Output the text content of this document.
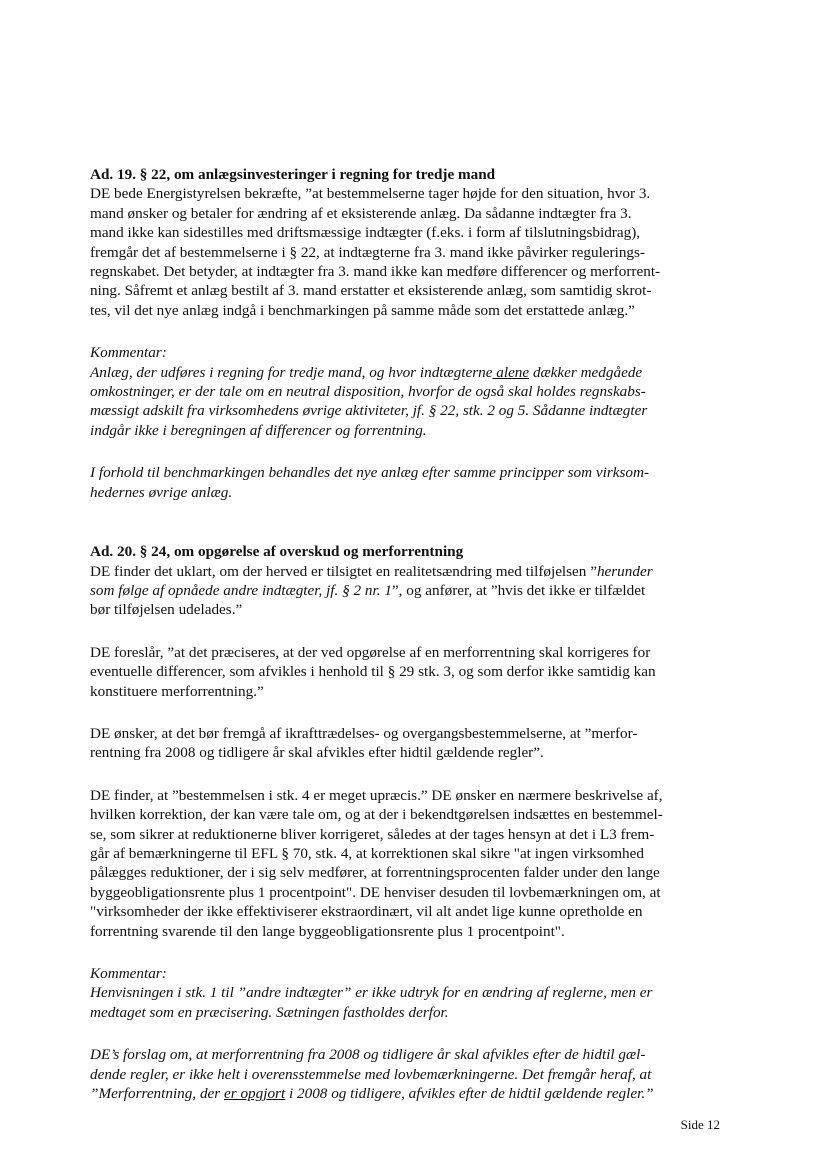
Ad. 19. § 22, om anlægsinvesteringer i regning for tredje mand

DE bede Energistyrelsen bekræfte, ”at bestemmelserne tager højde for den situation, hvor 3.
mand ønsker og betaler for ændring af et eksisterende anlæg. Da sådanne indtægter fra 3.
mand ikke kan sidestilles med driftsmæssige indtægter (f.eks. i form af tilslutningsbidrag),
fremgår det af bestemmelserne i § 22, at indtægterne fra 3. mand ikke påvirker regulerings-
regnskabet. Det betyder, at indtægter fra 3. mand ikke kan medføre differencer og merforrent-
ning. Såfremt et anlæg bestilt af 3. mand erstatter et eksisterende anlæg, som samtidig skrot-
tes, vil det nye anlæg indgå i benchmarkingen på samme måde som det erstattede anlæg.”
Kommentar:
Anlæg, der udføres i regning for tredje mand, og hvor indtægterne alene dækker medgåede
omkostninger, er der tale om en neutral disposition, hvorfor de også skal holdes regnskabs-
mæssigt adskilt fra virksomhedens øvrige aktiviteter, jf. § 22, stk. 2 og 5. Sådanne indtægter
indgår ikke i beregningen af differencer og forrentning.
I forhold til benchmarkingen behandles det nye anlæg efter samme principper som virksom-
hedernes øvrige anlæg.

Ad. 20. § 24, om opgørelse af overskud og merforrentning

DE finder det uklart, om der herved er tilsigtet en realitetsændring med tilføjelsen ”herunder
som følge af opnåede andre indtægter, jf. § 2 nr. 1”, og anfører, at ”hvis det ikke er tilfældet
bør tilføjelsen udelades.”
DE foreslår, ”at det præciseres, at der ved opgørelse af en merforrentning skal korrigeres for
eventuelle differencer, som afvikles i henhold til § 29 stk. 3, og som derfor ikke samtidig kan
konstituere merforrentning.”
DE ønsker, at det bør fremgå af ikrafttrædelses- og overgangsbestemmelserne, at ”merfor-
rentning fra 2008 og tidligere år skal afvikles efter hidtil gældende regler”.
DE finder, at ”bestemmelsen i stk. 4 er meget upræcis.” DE ønsker en nærmere beskrivelse af,
hvilken korrektion, der kan være tale om, og at der i bekendtgørelsen indsættes en bestemmel-
se, som sikrer at reduktionerne bliver korrigeret, således at der tages hensyn at det i L3 frem-
går af bemærkningerne til EFL § 70, stk. 4, at korrektionen skal sikre "at ingen virksomhed
pålægges reduktioner, der i sig selv medfører, at forrentningsprocenten falder under den lange
byggeobligationsrente plus 1 procentpoint". DE henviser desuden til lovbemærkningen om, at
"virksomheder der ikke effektiviserer ekstraordinært, vil alt andet lige kunne opretholde en
forrentning svarende til den lange byggeobligationsrente plus 1 procentpoint".
Kommentar:
Henvisningen i stk. 1 til ”andre indtægter” er ikke udtryk for en ændring af reglerne, men er
medtaget som en præcisering. Sætningen fastholdes derfor.
DE’s forslag om, at merforrentning fra 2008 og tidligere år skal afvikles efter de hidtil gæl-
dende regler, er ikke helt i overensstemmelse med lovbemærkningerne. Det fremgår heraf, at
”Merforrentning, der er opgjort i 2008 og tidligere, afvikles efter de hidtil gældende regler.”
Side 12
